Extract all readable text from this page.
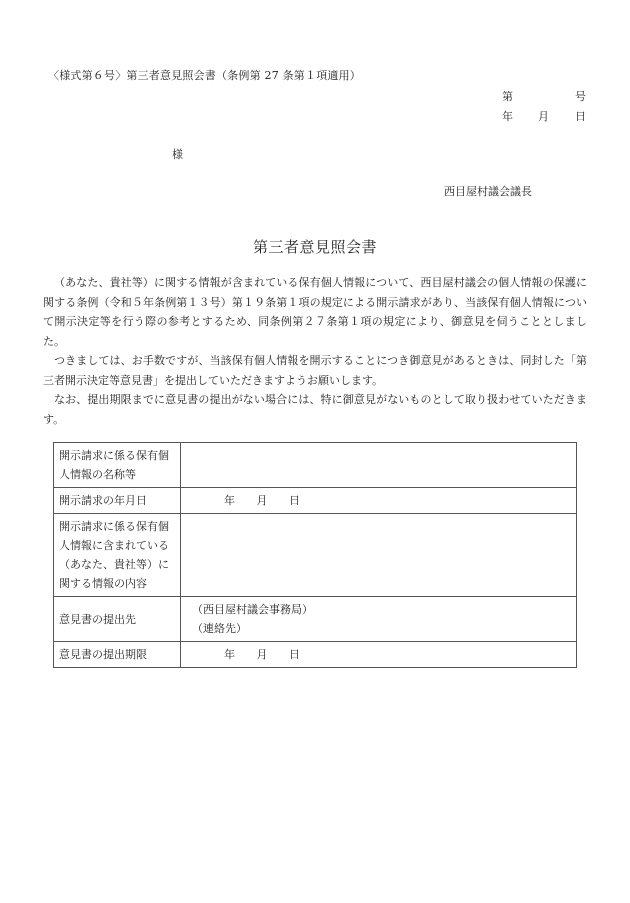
〈様式第６号〉第三者意見照会書（条例第 27 条第１項適用）
第	号
年 月 日
様
西目屋村議会議長
第三者意見照会書

（あなた、貴社等）に関する情報が含まれている保有個人情報について、西目屋村議会の個人情報の保護に関する条例（令和５年条例第１３号）第１９条第１項の規定による開示請求があり、当該保有個人情報について開示決定等を行う際の参考とするため、同条例第２７条第１項の規定により、御意見を伺うこととしました。

つきましては、お手数ですが、当該保有個人情報を開示することにつき御意見があるときは、同封した「第三者開示決定等意見書」を提出していただきますようお願いします。

なお、提出期限までに意見書の提出がない場合には、特に御意見がないものとして取り扱わせていただきます。

開示請求に係る保有個人情報の名称等	
開示請求の年月日	年 月 日
開示請求に係る保有個人情報に含まれている（あなた、貴社等）に関する情報の内容	
意見書の提出先	（西目屋村議会事務局）
（連絡先）

意見書の提出期限	年 月 日
